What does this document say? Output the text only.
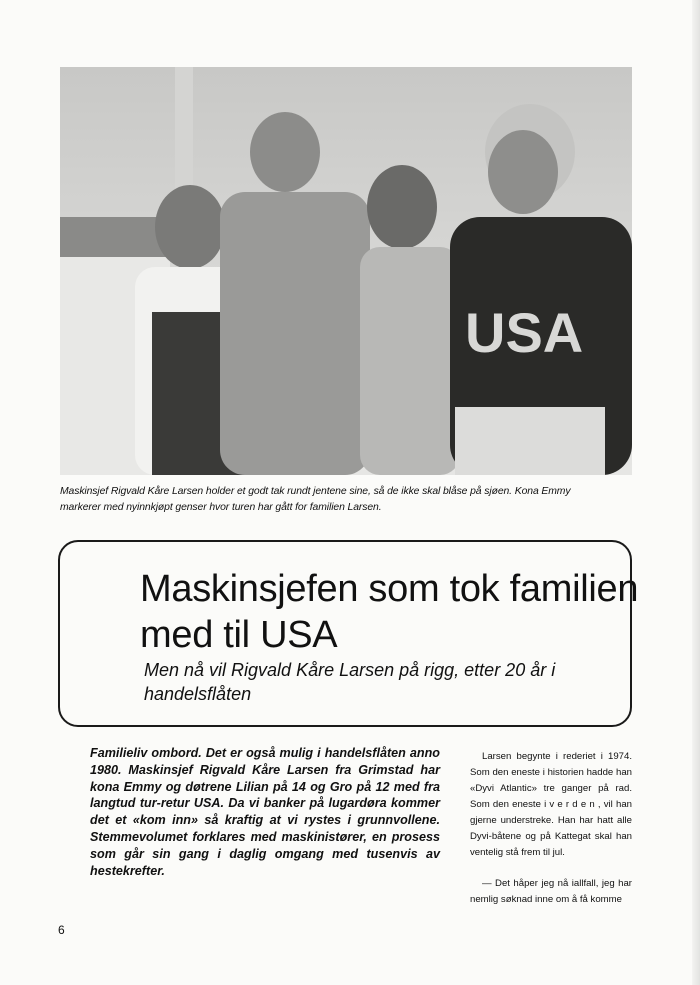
USA

Maskinsjef Rigvald Kåre Larsen holder et godt tak rundt jentene sine, så de ikke skal blåse på sjøen. Kona Emmy

markerer med nyinnkjøpt genser hvor turen har gått for familien Larsen.

Maskinsjefen som tok familien med til USA

Men nå vil Rigvald Kåre Larsen på rigg, etter 20 år i handelsflåten

Familieliv ombord. Det er også mulig i handelsflåten anno 1980. Maskinsjef Rigvald Kåre Larsen fra Grimstad har kona Emmy og døtrene Lilian på 14 og Gro på 12 med fra langtud tur-retur USA. Da vi banker på lugardøra kommer det et «kom inn» så kraftig at vi rystes i grunnvollene. Stemmevolumet forklares med maskinistører, en prosess som går sin gang i daglig omgang med tusenvis av hestekrefter.

Larsen begynte i rederiet i 1974. Som den eneste i historien hadde han «Dyvi Atlantic» tre ganger på rad. Som den eneste i v e r d e n , vil han gjerne understreke. Han har hatt alle Dyvi-båtene og på Kattegat skal han ventelig stå frem til jul.

— Det håper jeg nå iallfall, jeg har nemlig søknad inne om å få komme

6
